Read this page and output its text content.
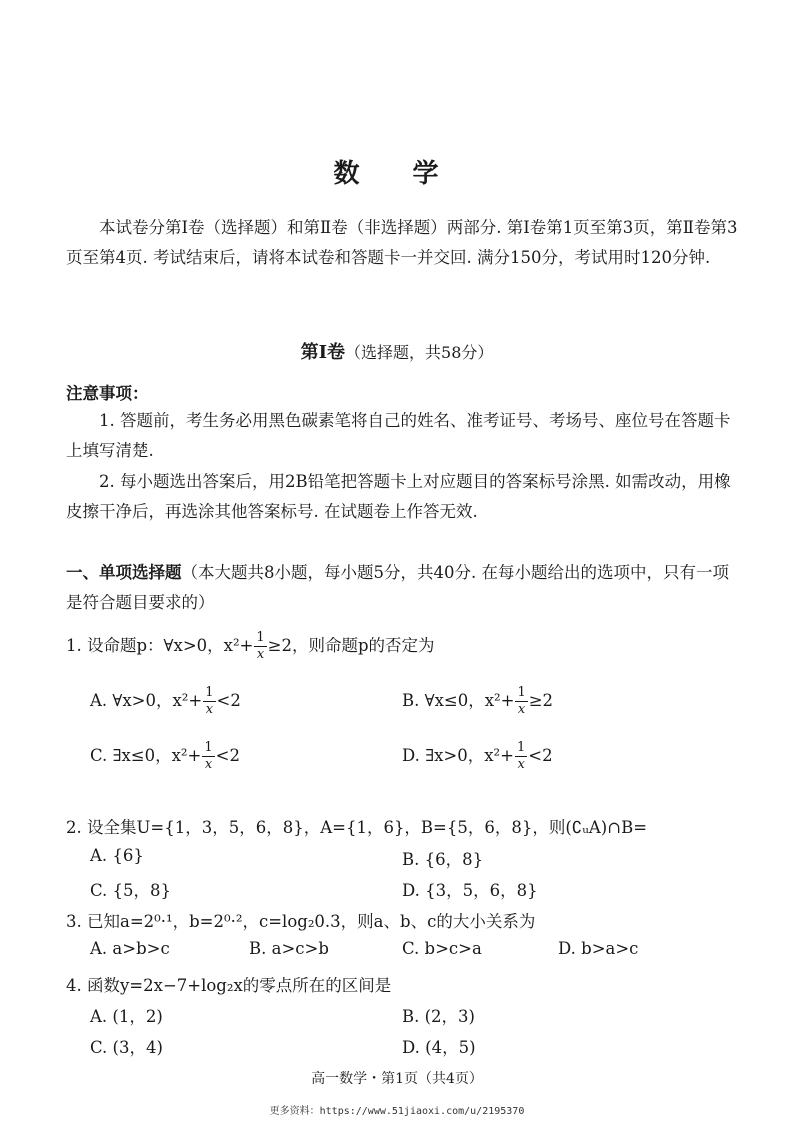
数 学
本试卷分第Ⅰ卷（选择题）和第Ⅱ卷（非选择题）两部分. 第Ⅰ卷第1页至第3页，第Ⅱ卷第3页至第4页. 考试结束后，请将本试卷和答题卡一并交回. 满分150分，考试用时120分钟.
第Ⅰ卷（选择题，共58分）
注意事项：
1. 答题前，考生务必用黑色碳素笔将自己的姓名、准考证号、考场号、座位号在答题卡上填写清楚.
2. 每小题选出答案后，用2B铅笔把答题卡上对应题目的答案标号涂黑. 如需改动，用橡皮擦干净后，再选涂其他答案标号. 在试题卷上作答无效.
一、单项选择题（本大题共8小题，每小题5分，共40分. 在每小题给出的选项中，只有一项是符合题目要求的）
1. 设命题p：∀x>0，$x^2+ \frac{1}{x} \ge 2$，则命题p的否定为
A. ∀x>0，$x^2+ \frac{1}{x} <2$	B. ∀x≤0，$x^2+ \frac{1}{x} \ge 2$
C. ∃x≤0，$x^2+ \frac{1}{x} <2$	D. ∃x>0，$x^2+ \frac{1}{x} <2$
2. 设全集U={1，3，5，6，8}，A={1，6}，B={5，6，8}，则(∁ᵤA)∩B=
A. {6}	B. {6，8}
C. {5，8}	D. {3，5，6，8}
3. 已知a=2⁰·¹，b=2⁰·²，c=log₂0.3，则a、b、c的大小关系为
A. a>b>c	B. a>c>b	C. b>c>a	D. b>a>c
4. 函数y=2x−7+log₂x的零点所在的区间是
A. (1，2)	B. (2，3)
C. (3，4)	D. (4，5)
高一数学・第1页（共4页）
更多资料：https://www.51jiaoxi.com/u/2195370
